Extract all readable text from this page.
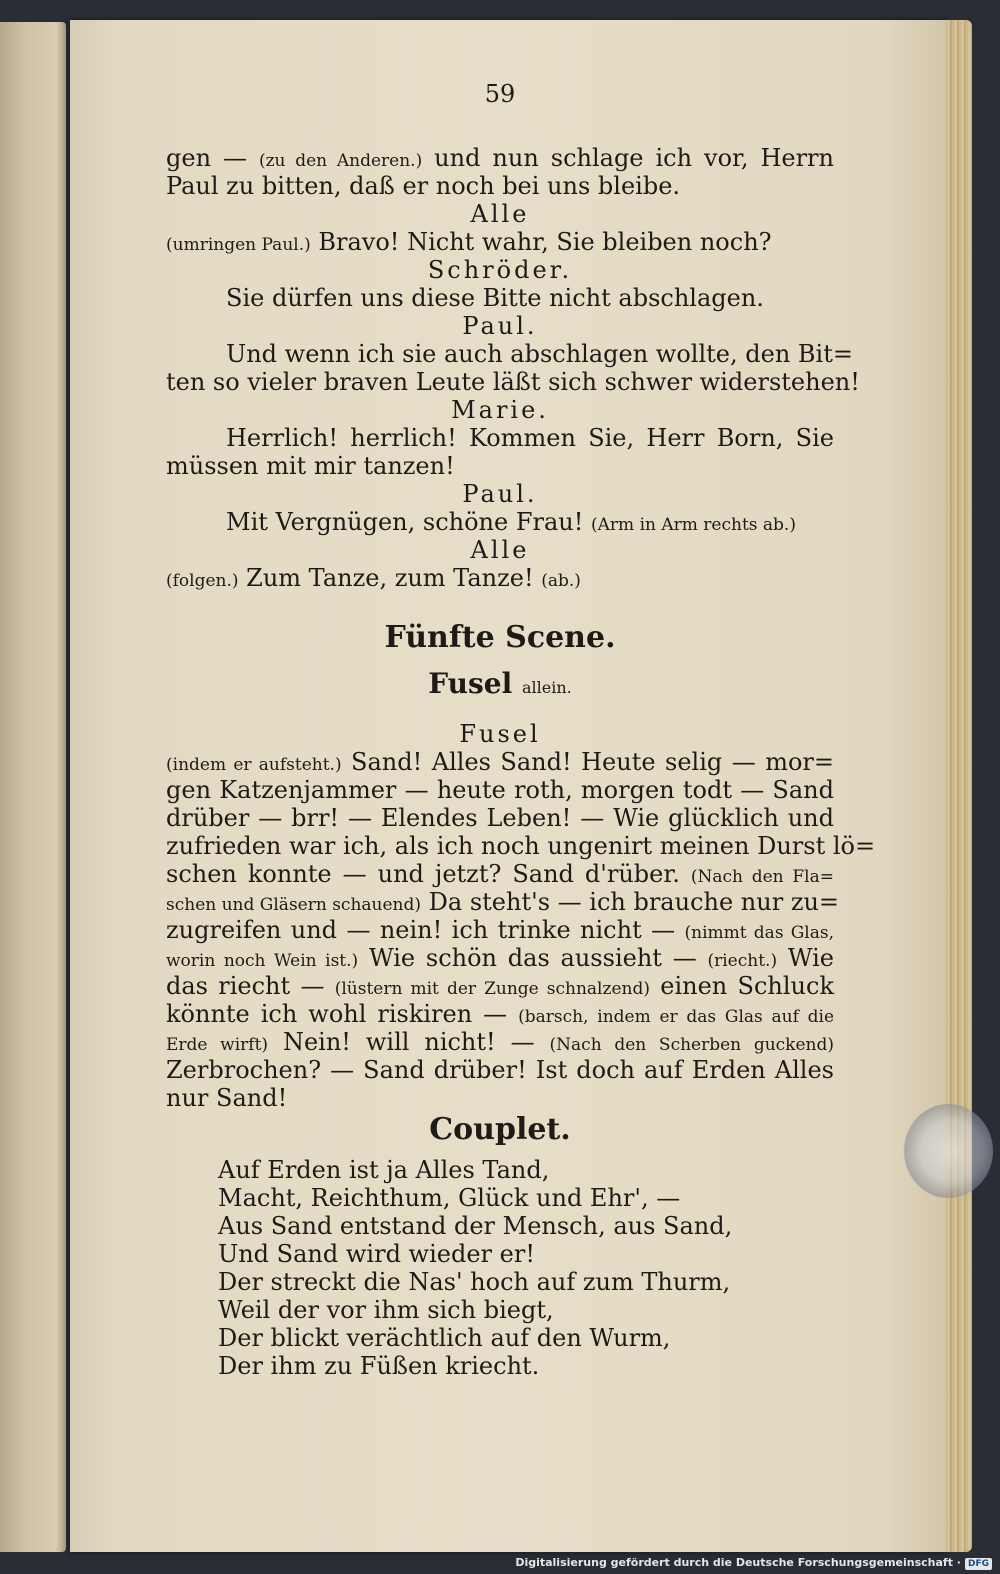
59
gen — (zu den Anderen.) und nun schlage ich vor, Herrn
Paul zu bitten, daß er noch bei uns bleibe.
Alle
(umringen Paul.) Bravo! Nicht wahr, Sie bleiben noch?
Schröder.
Sie dürfen uns diese Bitte nicht abschlagen.
Paul.
Und wenn ich sie auch abschlagen wollte, den Bit=
ten so vieler braven Leute läßt sich schwer widerstehen!
Marie.
Herrlich! herrlich! Kommen Sie, Herr Born, Sie
müssen mit mir tanzen!
Paul.
Mit Vergnügen, schöne Frau! (Arm in Arm rechts ab.)
Alle
(folgen.) Zum Tanze, zum Tanze! (ab.)
Fünfte Scene.
Fusel allein.
Fusel
(indem er aufsteht.) Sand! Alles Sand! Heute selig — mor=
gen Katzenjammer — heute roth, morgen todt — Sand
drüber — brr! — Elendes Leben! — Wie glücklich und
zufrieden war ich, als ich noch ungenirt meinen Durst lö=
schen konnte — und jetzt? Sand d'rüber. (Nach den Fla=
schen und Gläsern schauend) Da steht's — ich brauche nur zu=
zugreifen und — nein! ich trinke nicht — (nimmt das Glas,
worin noch Wein ist.) Wie schön das aussieht — (riecht.) Wie
das riecht — (lüstern mit der Zunge schnalzend) einen Schluck
könnte ich wohl riskiren — (barsch, indem er das Glas auf die
Erde wirft) Nein! will nicht! — (Nach den Scherben guckend)
Zerbrochen? — Sand drüber! Ist doch auf Erden Alles
nur Sand!
Couplet.
Auf Erden ist ja Alles Tand,
Macht, Reichthum, Glück und Ehr', —
Aus Sand entstand der Mensch, aus Sand,
Und Sand wird wieder er!
Der streckt die Nas' hoch auf zum Thurm,
Weil der vor ihm sich biegt,
Der blickt verächtlich auf den Wurm,
Der ihm zu Füßen kriecht.
Digitalisierung gefördert durch die Deutsche Forschungsgemeinschaft · DFG
